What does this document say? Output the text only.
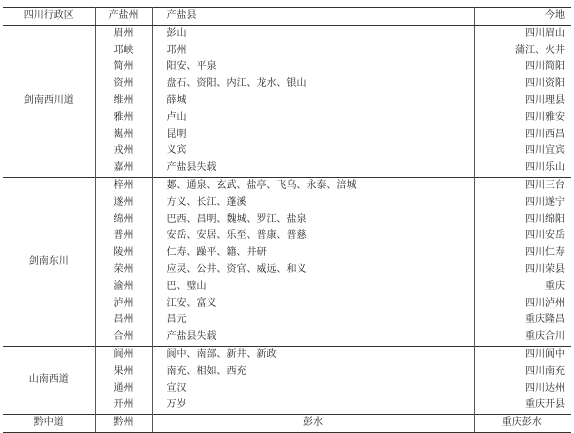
四川行政区	产盐州	产盐县	今地
剑南西川道	眉州	彭山	四川眉山
	邛峡	邛州	蒲江、火井
	简州	阳安、平泉	四川简阳
	资州	盘石、资阳、内江、龙水、银山	四川资阳
	维州	薛城	四川理县
	雅州	卢山	四川雅安
	嶲州	昆明	四川西昌
	戎州	义宾	四川宜宾
	嘉州	产盐县失载	四川乐山
剑南东川	梓州	郪、通泉、玄武、盐亭、飞乌、永泰、涪城	四川三台
	遂州	方义、长江、蓬溪	四川遂宁
	绵州	巴西、昌明、魏城、罗江、盐泉	四川绵阳
	普州	安岳、安居、乐至、普康、普慈	四川安岳
	陵州	仁寿、躁平、籍、井研	四川仁寿
	荣州	应灵、公井、资官、威远、和义	四川荣县
	渝州	巴、璧山	重庆
	泸州	江安、富义	四川泸州
	昌州	昌元	重庆隆昌
	合州	产盐县失载	重庆合川
山南西道	阆州	阆中、南部、新井、新政	四川阆中
	果州	南充、相如、西充	四川南充
	通州	宣汉	四川达州
	开州	万岁	重庆开县
黔中道	黔州	彭水	重庆彭水
